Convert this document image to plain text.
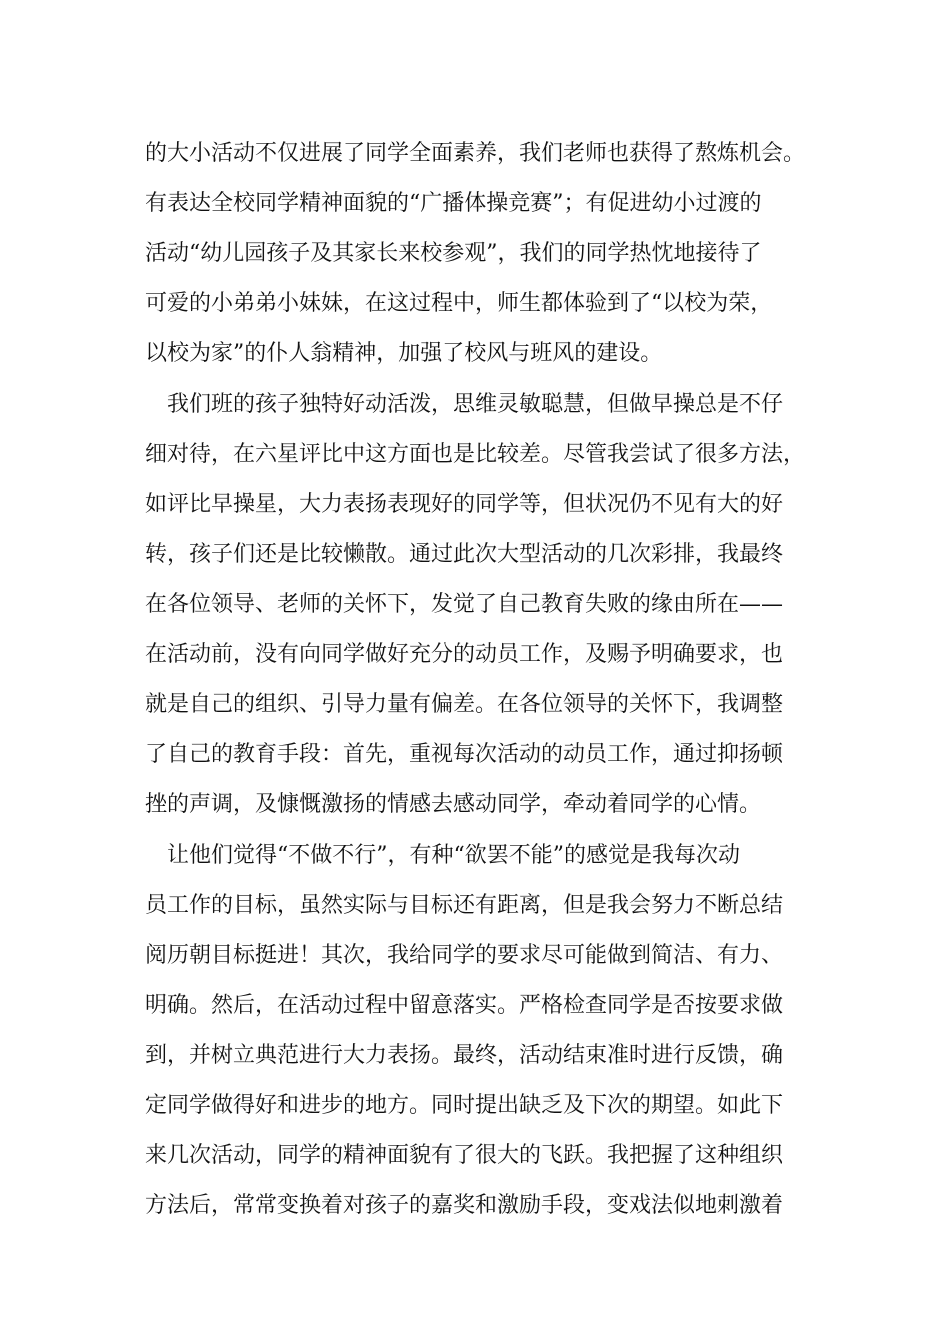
的大小活动不仅进展了同学全面素养，我们老师也获得了熬炼机会。
有表达全校同学精神面貌的“广播体操竞赛”；有促进幼小过渡的
活动“幼儿园孩子及其家长来校参观”，我们的同学热忱地接待了
可爱的小弟弟小妹妹，在这过程中，师生都体验到了“以校为荣，
以校为家”的仆人翁精神，加强了校风与班风的建设。
我们班的孩子独特好动活泼，思维灵敏聪慧，但做早操总是不仔
细对待，在六星评比中这方面也是比较差。尽管我尝试了很多方法，
如评比早操星，大力表扬表现好的同学等，但状况仍不见有大的好
转，孩子们还是比较懒散。通过此次大型活动的几次彩排，我最终
在各位领导、老师的关怀下，发觉了自己教育失败的缘由所在——
在活动前，没有向同学做好充分的动员工作，及赐予明确要求，也
就是自己的组织、引导力量有偏差。在各位领导的关怀下，我调整
了自己的教育手段：首先，重视每次活动的动员工作，通过抑扬顿
挫的声调，及慷慨激扬的情感去感动同学，牵动着同学的心情。
让他们觉得“不做不行”，有种“欲罢不能”的感觉是我每次动
员工作的目标，虽然实际与目标还有距离，但是我会努力不断总结
阅历朝目标挺进！其次，我给同学的要求尽可能做到简洁、有力、
明确。然后，在活动过程中留意落实。严格检查同学是否按要求做
到，并树立典范进行大力表扬。最终，活动结束准时进行反馈，确
定同学做得好和进步的地方。同时提出缺乏及下次的期望。如此下
来几次活动，同学的精神面貌有了很大的飞跃。我把握了这种组织
方法后，常常变换着对孩子的嘉奖和激励手段，变戏法似地刺激着
